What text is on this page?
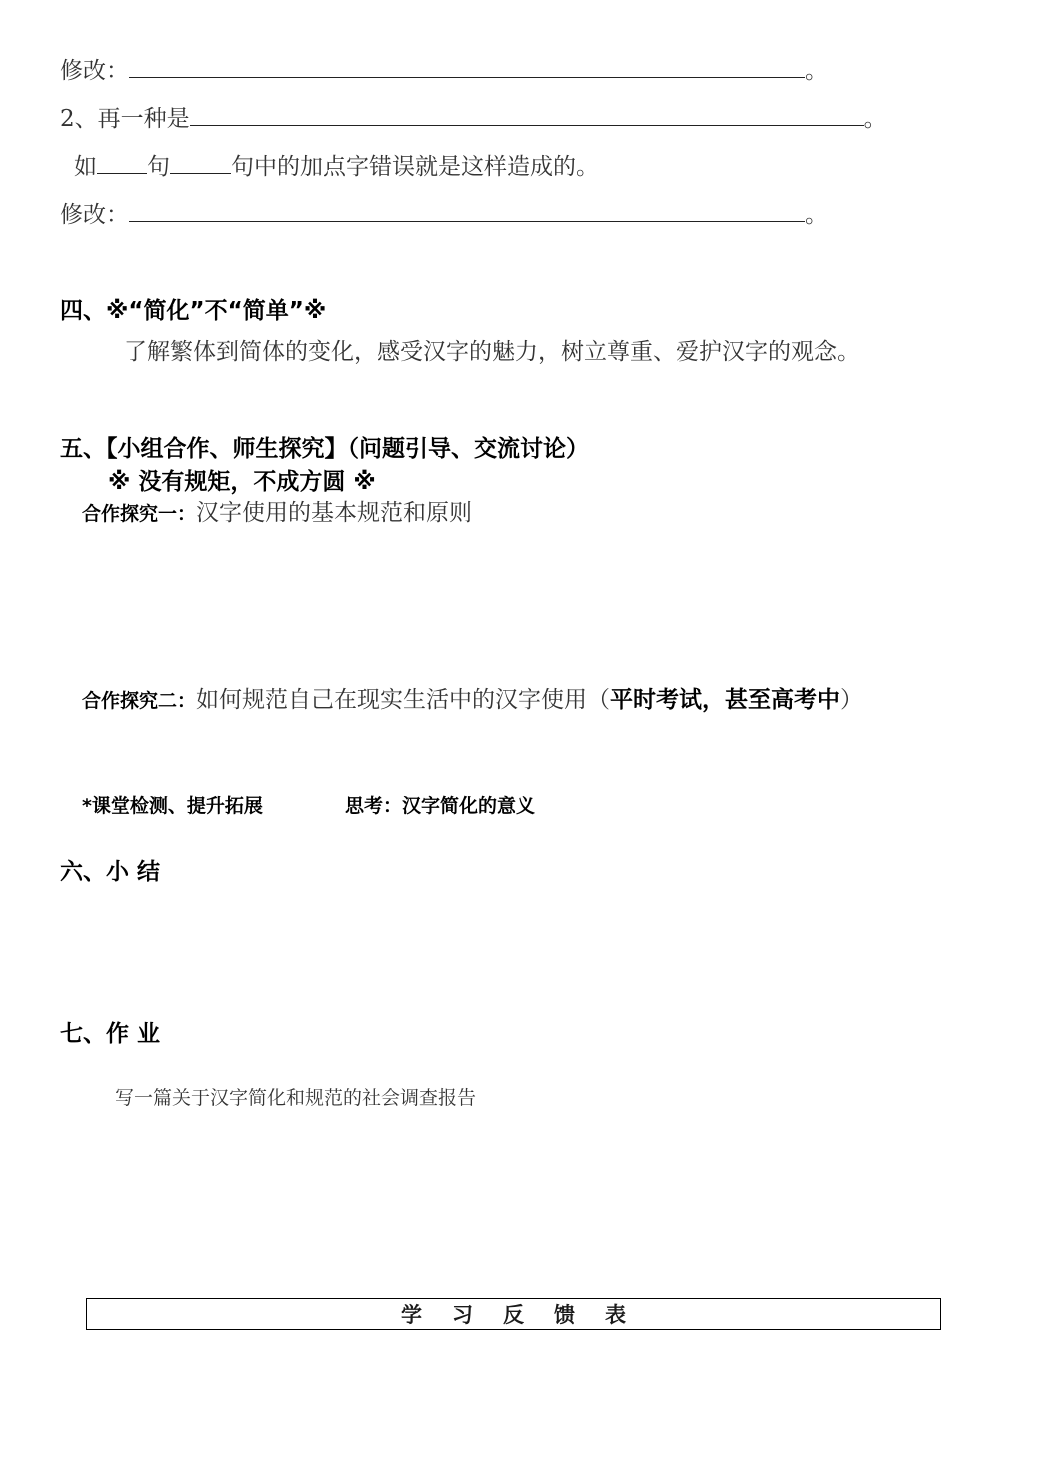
修改：	。
2、再一种是	。
如 句	句中的加点字错误就是这样造成的。
修改：	。
四、※“简化”不“简单”※
了解繁体到简体的变化，感受汉字的魅力，树立尊重、爱护汉字的观念。
五、【小组合作、师生探究】（问题引导、交流讨论）
※ 没有规矩，不成方圆 ※
合作探究一：汉字使用的基本规范和原则
合作探究二：如何规范自己在现实生活中的汉字使用（平时考试，甚至高考中）
*课堂检测、提升拓展	思考：汉字简化的意义
六、小 结
七、作 业
写一篇关于汉字简化和规范的社会调查报告
学习反馈表
